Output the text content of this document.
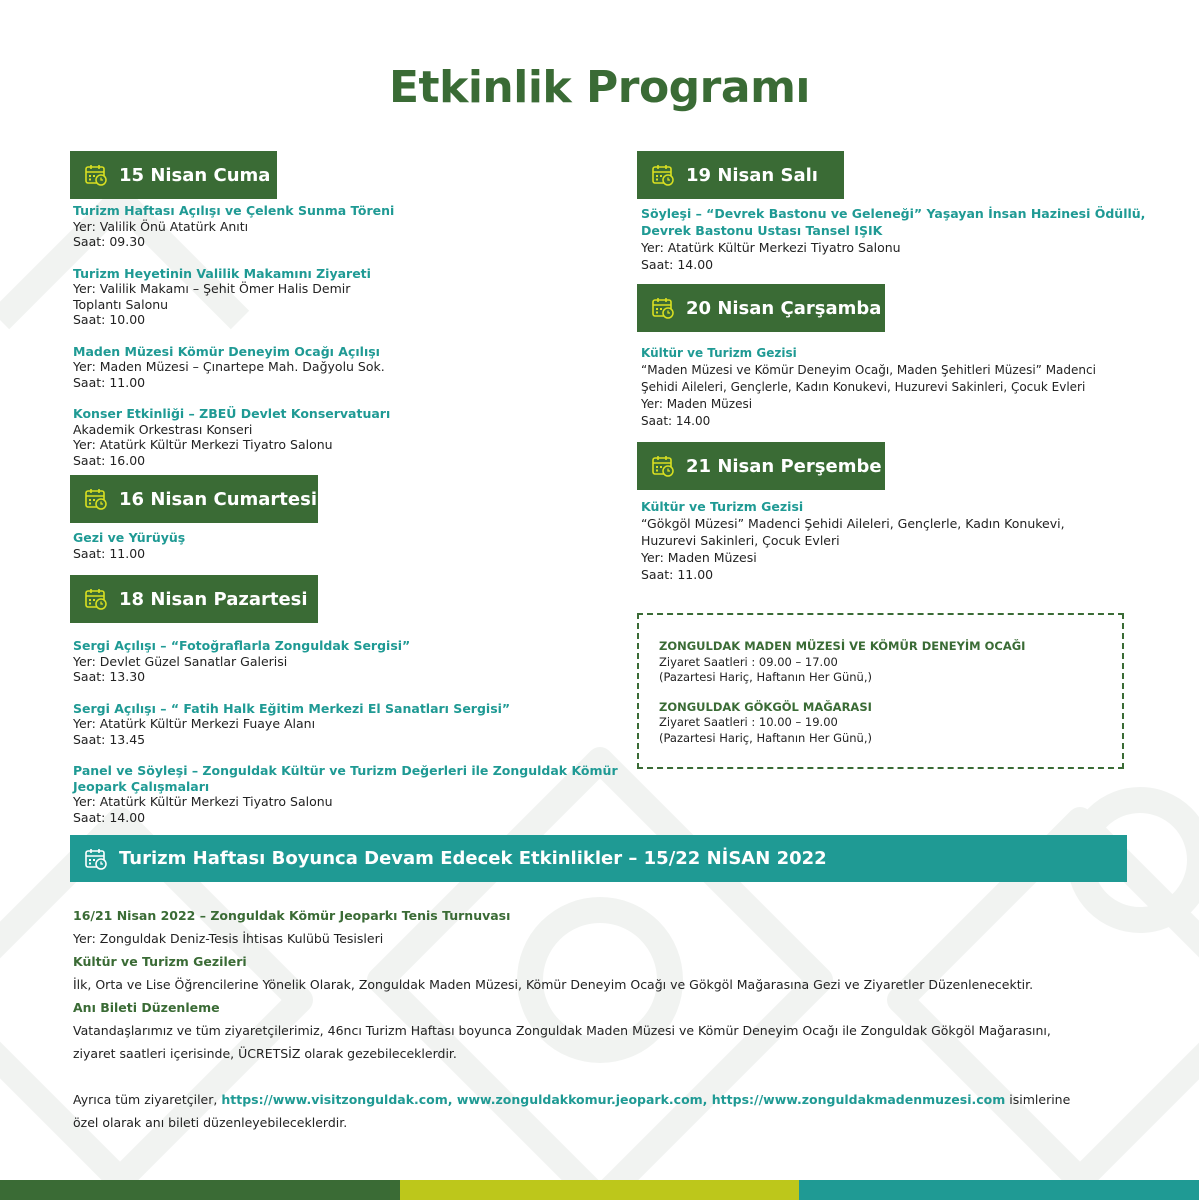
Etkinlik Programı
15 Nisan Cuma
Turizm Haftası Açılışı ve Çelenk Sunma Töreni
Yer: Valilik Önü Atatürk Anıtı
Saat: 09.30
Turizm Heyetinin Valilik Makamını Ziyareti
Yer: Valilik Makamı – Şehit Ömer Halis Demir
Toplantı Salonu
Saat: 10.00
Maden Müzesi Kömür Deneyim Ocağı Açılışı
Yer: Maden Müzesi – Çınartepe Mah. Dağyolu Sok.
Saat: 11.00
Konser Etkinliği – ZBEÜ Devlet Konservatuarı
Akademik Orkestrası Konseri
Yer: Atatürk Kültür Merkezi Tiyatro Salonu
Saat: 16.00
16 Nisan Cumartesi
Gezi ve Yürüyüş
Saat: 11.00
18 Nisan Pazartesi
Sergi Açılışı – “Fotoğraflarla Zonguldak Sergisi”
Yer: Devlet Güzel Sanatlar Galerisi
Saat: 13.30
Sergi Açılışı – “ Fatih Halk Eğitim Merkezi El Sanatları Sergisi”
Yer: Atatürk Kültür Merkezi Fuaye Alanı
Saat: 13.45
Panel ve Söyleşi – Zonguldak Kültür ve Turizm Değerleri ile Zonguldak Kömür Jeopark Çalışmaları
Yer: Atatürk Kültür Merkezi Tiyatro Salonu
Saat: 14.00
19 Nisan Salı
Söyleşi – “Devrek Bastonu ve Geleneği” Yaşayan İnsan Hazinesi Ödüllü, Devrek Bastonu Ustası Tansel IŞIK
Yer: Atatürk Kültür Merkezi Tiyatro Salonu
Saat: 14.00
20 Nisan Çarşamba
Kültür ve Turizm Gezisi
“Maden Müzesi ve Kömür Deneyim Ocağı, Maden Şehitleri Müzesi” Madenci
Şehidi Aileleri, Gençlerle, Kadın Konukevi, Huzurevi Sakinleri, Çocuk Evleri
Yer: Maden Müzesi
Saat: 14.00
21 Nisan Perşembe
Kültür ve Turizm Gezisi
“Gökgöl Müzesi” Madenci Şehidi Aileleri, Gençlerle, Kadın Konukevi,
Huzurevi Sakinleri, Çocuk Evleri
Yer: Maden Müzesi
Saat: 11.00
ZONGULDAK MADEN MÜZESİ VE KÖMÜR DENEYİM OCAĞI
Ziyaret Saatleri : 09.00 – 17.00
(Pazartesi Hariç, Haftanın Her Günü,)
ZONGULDAK GÖKGÖL MAĞARASI
Ziyaret Saatleri : 10.00 – 19.00
(Pazartesi Hariç, Haftanın Her Günü,)
Turizm Haftası Boyunca Devam Edecek Etkinlikler – 15/22 NİSAN 2022
16/21 Nisan 2022 – Zonguldak Kömür Jeoparkı Tenis Turnuvası
Yer: Zonguldak Deniz-Tesis İhtisas Kulübü Tesisleri
Kültür ve Turizm Gezileri
İlk, Orta ve Lise Öğrencilerine Yönelik Olarak, Zonguldak Maden Müzesi, Kömür Deneyim Ocağı ve Gökgöl Mağarasına Gezi ve Ziyaretler Düzenlenecektir.
Anı Bileti Düzenleme
Vatandaşlarımız ve tüm ziyaretçilerimiz, 46ncı Turizm Haftası boyunca Zonguldak Maden Müzesi ve Kömür Deneyim Ocağı ile Zonguldak Gökgöl Mağarasını,
ziyaret saatleri içerisinde, ÜCRETSİZ olarak gezebileceklerdir.
Ayrıca tüm ziyaretçiler, https://www.visitzonguldak.com, www.zonguldakkomur.jeopark.com, https://www.zonguldakmadenmuzesi.com isimlerine
özel olarak anı bileti düzenleyebileceklerdir.
